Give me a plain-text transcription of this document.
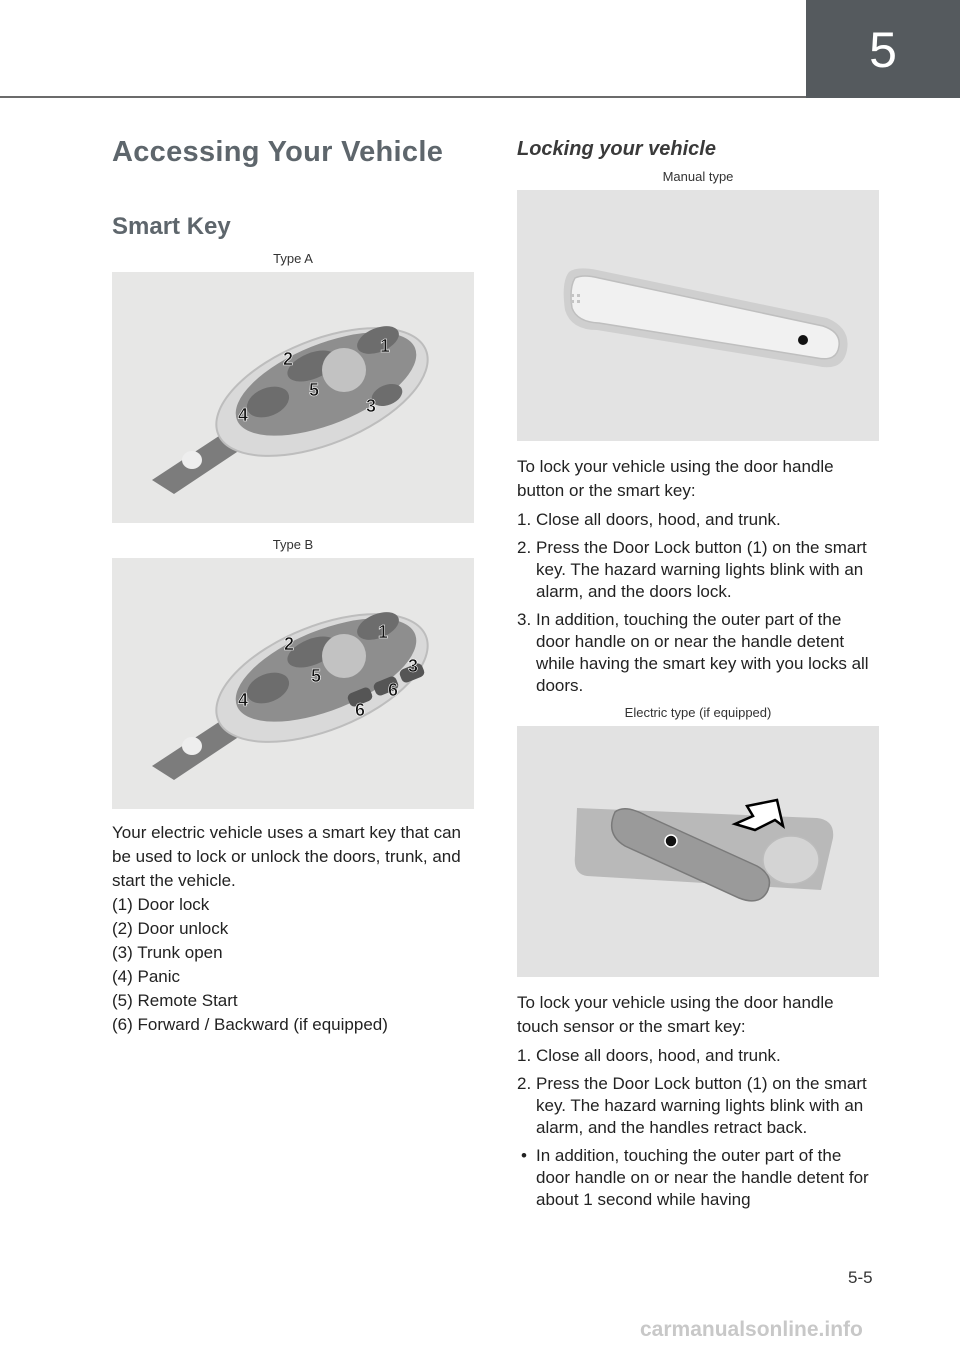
5
Accessing Your Vehicle
Smart Key
Type A
1
2
3
4
5
Type B
1
2
3
4
5
6
6
Your electric vehicle uses a smart key that can be used to lock or unlock the doors, trunk, and start the vehicle.
(1) Door lock
(2) Door unlock
(3) Trunk open
(4) Panic
(5) Remote Start
(6) Forward / Backward (if equipped)
Locking your vehicle
Manual type
To lock your vehicle using the door handle button or the smart key:
1. Close all doors, hood, and trunk.
2. Press the Door Lock button (1) on the smart key. The hazard warning lights blink with an alarm, and the doors lock.
3. In addition, touching the outer part of the door handle on or near the handle detent while having the smart key with you locks all doors.
Electric type (if equipped)
To lock your vehicle using the door handle touch sensor or the smart key:
1. Close all doors, hood, and trunk.
2. Press the Door Lock button (1) on the smart key. The hazard warning lights blink with an alarm, and the handles retract back.
• In addition, touching the outer part of the door handle on or near the handle detent for about 1 second while having
5-5
carmanualsonline.info
